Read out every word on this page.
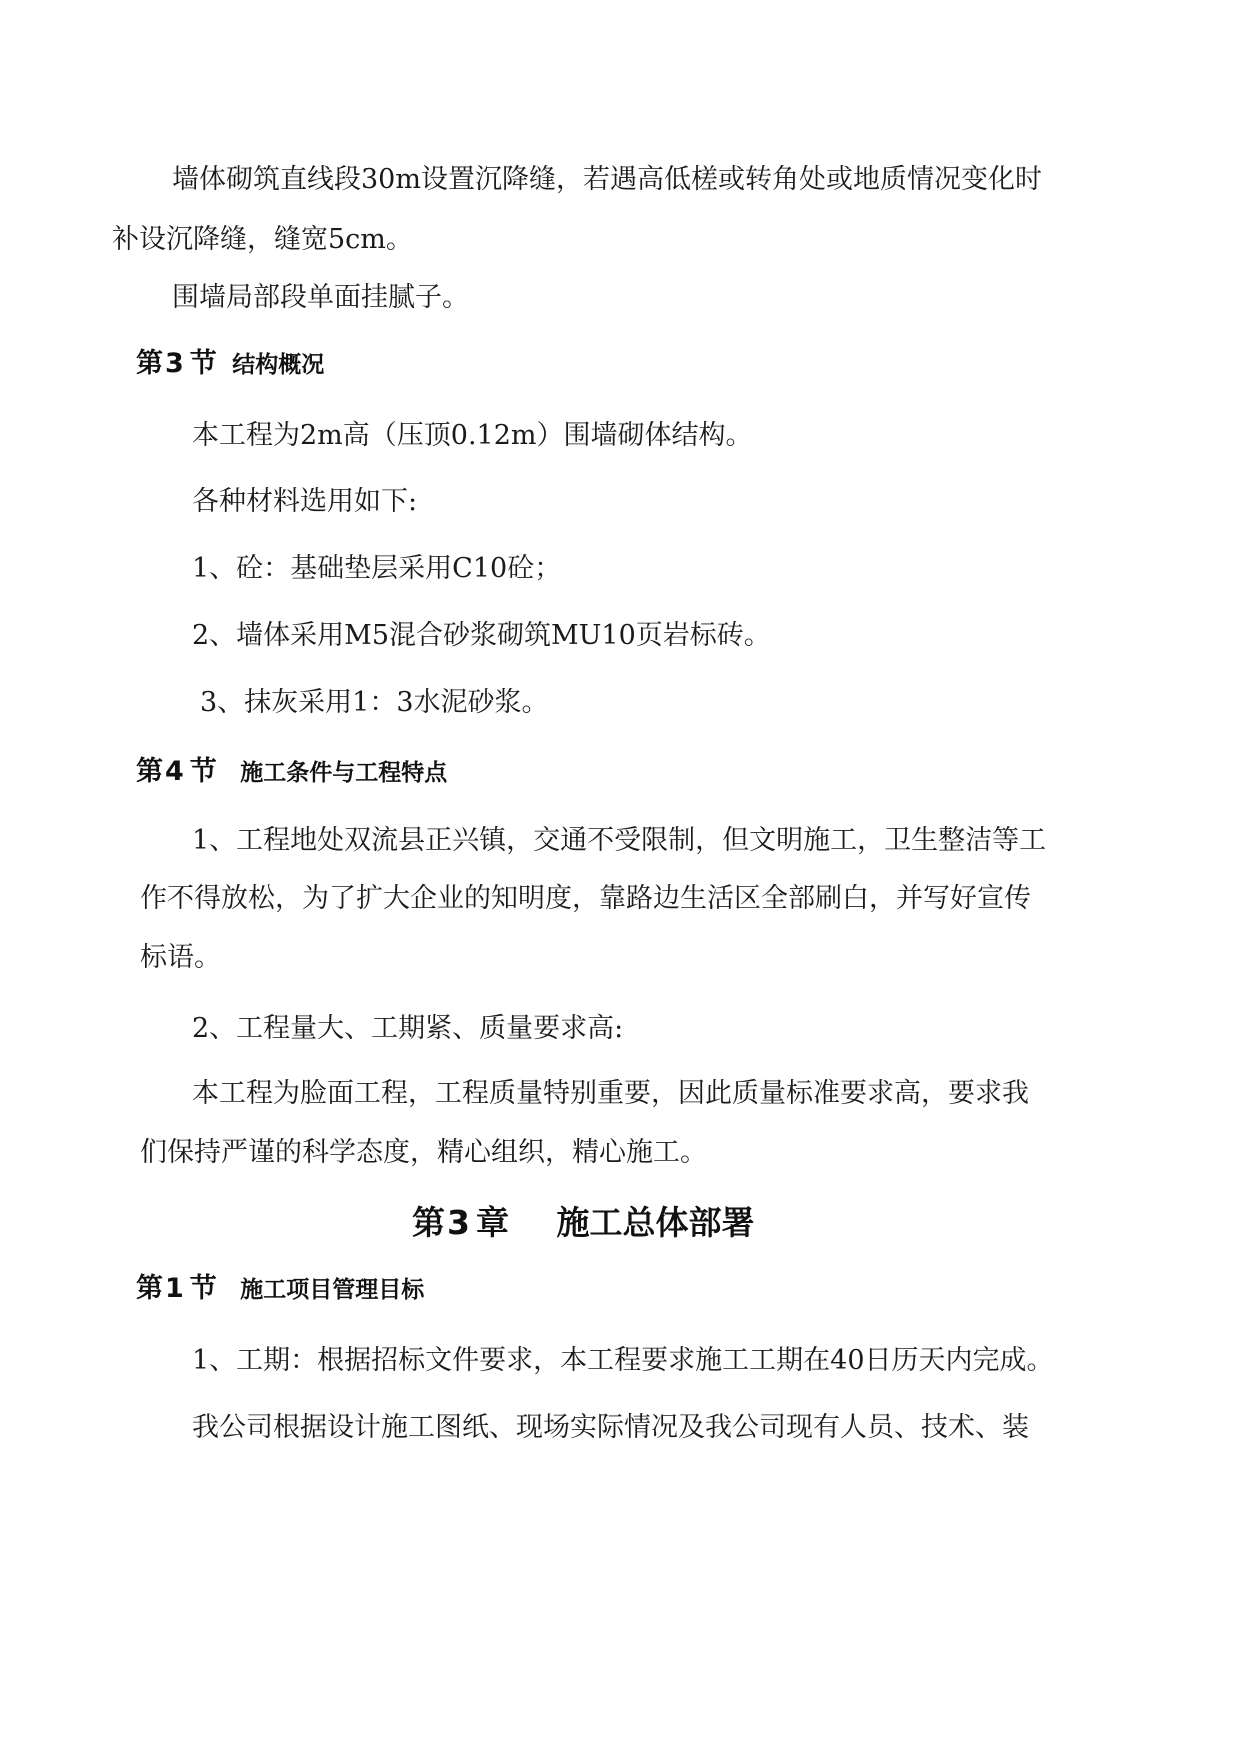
墙体砌筑直线段30m设置沉降缝，若遇高低槎或转角处或地质情况变化时
补设沉降缝，缝宽5cm。
围墙局部段单面挂腻子。
第3 节 结构概况
本工程为2m高（压顶0.12m）围墙砌体结构。
各种材料选用如下:
1、砼：基础垫层采用C10砼；
2、墙体采用M5混合砂浆砌筑MU10页岩标砖。
3、抹灰采用1：3水泥砂浆。
第4 节 施工条件与工程特点
1、工程地处双流县正兴镇，交通不受限制，但文明施工，卫生整洁等工
作不得放松，为了扩大企业的知明度，靠路边生活区全部刷白，并写好宣传
标语。
2、工程量大、工期紧、质量要求高:
本工程为脸面工程，工程质量特别重要，因此质量标准要求高，要求我
们保持严谨的科学态度，精心组织，精心施工。
第3 章 施工总体部署
第1 节 施工项目管理目标
1、工期：根据招标文件要求，本工程要求施工工期在40日历天内完成。
我公司根据设计施工图纸、现场实际情况及我公司现有人员、技术、装
